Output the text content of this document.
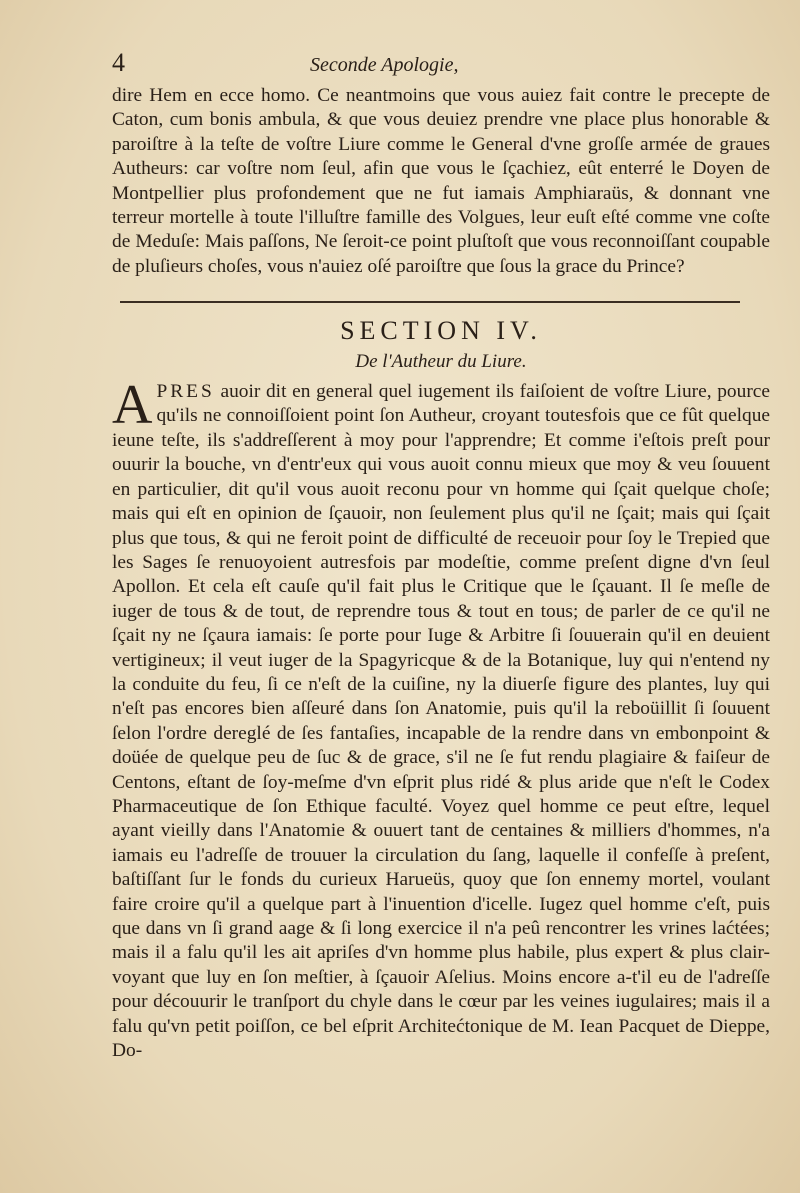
4	Seconde Apologie,

dire Hem en ecce homo. Ce neantmoins que vous auiez fait contre le precepte de Caton, cum bonis ambula, & que vous deuiez prendre vne place plus honorable & paroiſtre à la teſte de voſtre Liure comme le General d'vne groſſe armée de graues Autheurs: car voſtre nom ſeul, afin que vous le ſçachiez, eût enterré le Doyen de Montpellier plus profondement que ne fut iamais Amphiaraüs, & donnant vne terreur mortelle à toute l'illuſtre famille des Volgues, leur euſt eſté comme vne coſte de Meduſe: Mais paſſons, Ne ſeroit-ce point pluſtoſt que vous reconnoiſſant coupable de pluſieurs choſes, vous n'auiez oſé paroiſtre que ſous la grace du Prince?

SECTION IV.
De l'Autheur du Liure.

A PRES auoir dit en general quel iugement ils faiſoient de voſtre Liure, pource qu'ils ne connoiſſoient point ſon Autheur, croyant toutesfois que ce fût quelque ieune teſte, ils s'addreſſerent à moy pour l'apprendre; Et comme i'eſtois preſt pour ouurir la bouche, vn d'entr'eux qui vous auoit connu mieux que moy & veu ſouuent en particulier, dit qu'il vous auoit reconu pour vn homme qui ſçait quelque choſe; mais qui eſt en opinion de ſçauoir, non ſeulement plus qu'il ne ſçait; mais qui ſçait plus que tous, & qui ne feroit point de difficulté de receuoir pour ſoy le Trepied que les Sages ſe renuoyoient autresfois par modeſtie, comme preſent digne d'vn ſeul Apollon. Et cela eſt cauſe qu'il fait plus le Critique que le ſçauant. Il ſe meſle de iuger de tous & de tout, de reprendre tous & tout en tous; de parler de ce qu'il ne ſçait ny ne ſçaura iamais: ſe porte pour Iuge & Arbitre ſi ſouuerain qu'il en deuient vertigineux; il veut iuger de la Spagyricque & de la Botanique, luy qui n'entend ny la conduite du feu, ſi ce n'eſt de la cuiſine, ny la diuerſe figure des plantes, luy qui n'eſt pas encores bien aſſeuré dans ſon Anatomie, puis qu'il la reboüillit ſi ſouuent ſelon l'ordre dereglé de ſes fantaſies, incapable de la rendre dans vn embonpoint & doüée de quelque peu de ſuc & de grace, s'il ne ſe fut rendu plagiaire & faiſeur de Centons, eſtant de ſoy-meſme d'vn eſprit plus ridé & plus aride que n'eſt le Codex Pharmaceutique de ſon Ethique faculté. Voyez quel homme ce peut eſtre, lequel ayant vieilly dans l'Anatomie & ouuert tant de centaines & milliers d'hommes, n'a iamais eu l'adreſſe de trouuer la circulation du ſang, laquelle il confeſſe à preſent, baſtiſſant ſur le fonds du curieux Harueüs, quoy que ſon ennemy mortel, voulant faire croire qu'il a quelque part à l'inuention d'icelle. Iugez quel homme c'eſt, puis que dans vn ſi grand aage & ſi long exercice il n'a peû rencontrer les vrines laćtées; mais il a falu qu'il les ait apriſes d'vn homme plus habile, plus expert & plus clair-voyant que luy en ſon meſtier, à ſçauoir Aſelius. Moins encore a-t'il eu de l'adreſſe pour découurir le tranſport du chyle dans le cœur par les veines iugulaires; mais il a falu qu'vn petit poiſſon, ce bel eſprit Architećtonique de M. Iean Pacquet de Dieppe, Do-
